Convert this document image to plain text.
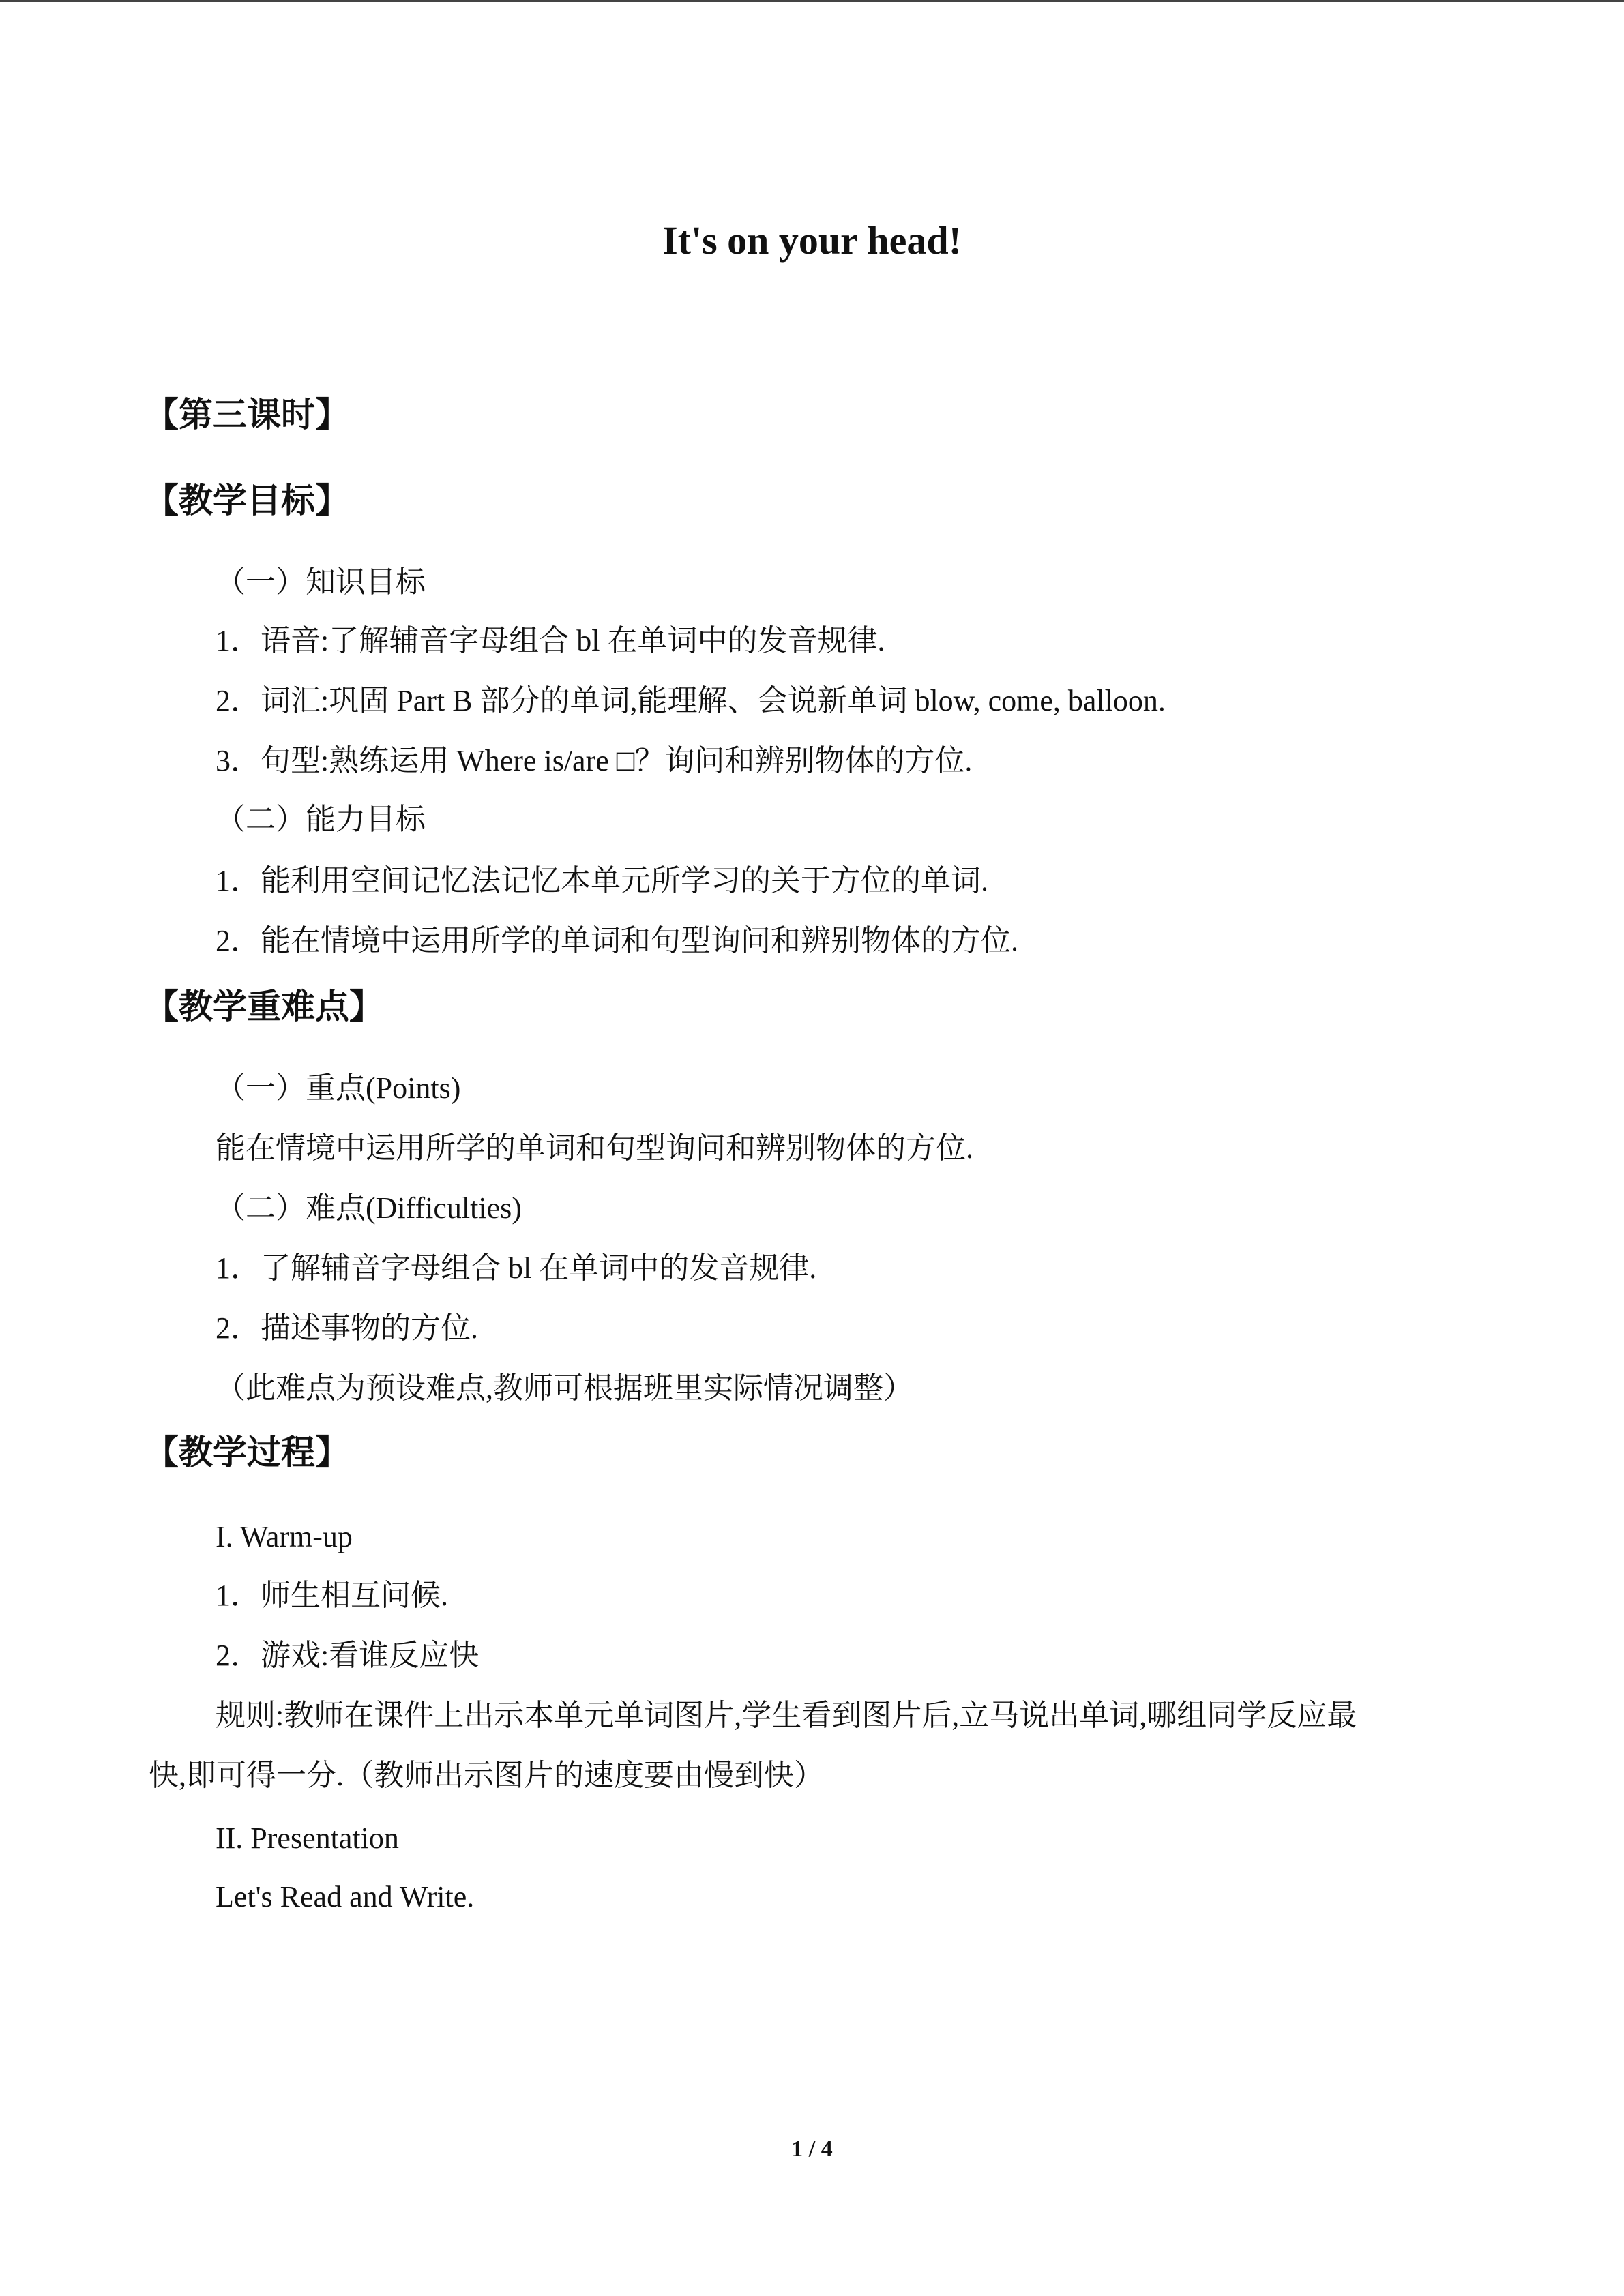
It's on your head!
【第三课时】
【教学目标】
（一）知识目标
1．语音:了解辅音字母组合 bl 在单词中的发音规律.
2．词汇:巩固 Part B 部分的单词,能理解、会说新单词 blow, come, balloon.
3．句型:熟练运用 Where is/are □？询问和辨别物体的方位.
（二）能力目标
1．能利用空间记忆法记忆本单元所学习的关于方位的单词.
2．能在情境中运用所学的单词和句型询问和辨别物体的方位.
【教学重难点】
（一）重点(Points)
能在情境中运用所学的单词和句型询问和辨别物体的方位.
（二）难点(Difficulties)
1．了解辅音字母组合 bl 在单词中的发音规律.
2．描述事物的方位.
（此难点为预设难点,教师可根据班里实际情况调整）
【教学过程】
I. Warm-up
1．师生相互问候.
2．游戏:看谁反应快
规则:教师在课件上出示本单元单词图片,学生看到图片后,立马说出单词,哪组同学反应最
快,即可得一分.（教师出示图片的速度要由慢到快）
II. Presentation
Let's Read and Write.
1 / 4
